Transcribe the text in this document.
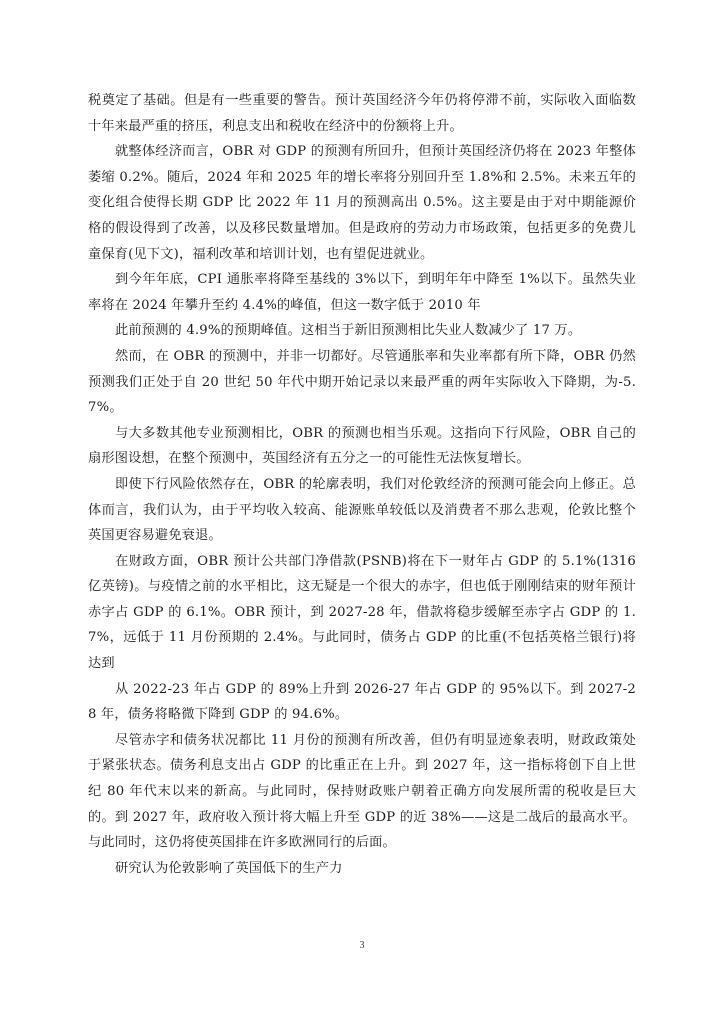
税奠定了基础。但是有一些重要的警告。预计英国经济今年仍将停滞不前，实际收入面临数十年来最严重的挤压，利息支出和税收在经济中的份额将上升。

就整体经济而言，OBR 对 GDP 的预测有所回升，但预计英国经济仍将在 2023 年整体萎缩 0.2%。随后，2024 年和 2025 年的增长率将分别回升至 1.8%和 2.5%。未来五年的变化组合使得长期 GDP 比 2022 年 11 月的预测高出 0.5%。这主要是由于对中期能源价格的假设得到了改善，以及移民数量增加。但是政府的劳动力市场政策，包括更多的免费儿童保育(见下文)，福利改革和培训计划，也有望促进就业。

到今年年底，CPI 通胀率将降至基线的 3%以下，到明年年中降至 1%以下。虽然失业率将在 2024 年攀升至约 4.4%的峰值，但这一数字低于 2010 年

此前预测的 4.9%的预期峰值。这相当于新旧预测相比失业人数减少了 17 万。

然而，在 OBR 的预测中，并非一切都好。尽管通胀率和失业率都有所下降，OBR 仍然预测我们正处于自 20 世纪 50 年代中期开始记录以来最严重的两年实际收入下降期，为-5.7%。

与大多数其他专业预测相比，OBR 的预测也相当乐观。这指向下行风险，OBR 自己的扇形图设想，在整个预测中，英国经济有五分之一的可能性无法恢复增长。

即使下行风险依然存在，OBR 的轮廓表明，我们对伦敦经济的预测可能会向上修正。总体而言，我们认为，由于平均收入较高、能源账单较低以及消费者不那么悲观，伦敦比整个英国更容易避免衰退。

在财政方面，OBR 预计公共部门净借款(PSNB)将在下一财年占 GDP 的 5.1%(1316 亿英镑)。与疫情之前的水平相比，这无疑是一个很大的赤字，但也低于刚刚结束的财年预计赤字占 GDP 的 6.1%。OBR 预计，到 2027-28 年，借款将稳步缓解至赤字占 GDP 的 1.7%，远低于 11 月份预期的 2.4%。与此同时，债务占 GDP 的比重(不包括英格兰银行)将达到

从 2022-23 年占 GDP 的 89%上升到 2026-27 年占 GDP 的 95%以下。到 2027-28 年，债务将略微下降到 GDP 的 94.6%。

尽管赤字和债务状况都比 11 月份的预测有所改善，但仍有明显迹象表明，财政政策处于紧张状态。债务利息支出占 GDP 的比重正在上升。到 2027 年，这一指标将创下自上世纪 80 年代末以来的新高。与此同时，保持财政账户朝着正确方向发展所需的税收是巨大的。到 2027 年，政府收入预计将大幅上升至 GDP 的近 38%——这是二战后的最高水平。与此同时，这仍将使英国排在许多欧洲同行的后面。

研究认为伦敦影响了英国低下的生产力

3
